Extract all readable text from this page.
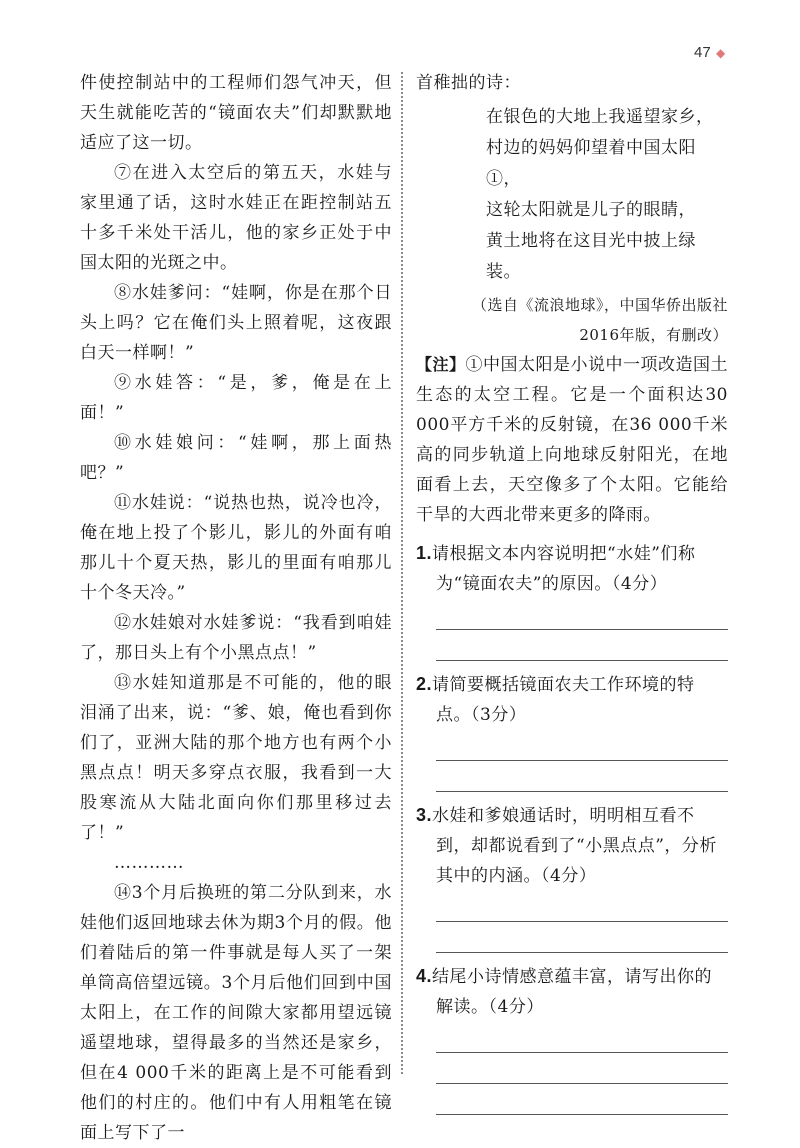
47 ◆

件使控制站中的工程师们怨气冲天，但天生就能吃苦的“镜面农夫”们却默默地适应了这一切。

⑦在进入太空后的第五天，水娃与家里通了话，这时水娃正在距控制站五十多千米处干活儿，他的家乡正处于中国太阳的光斑之中。

⑧水娃爹问：“娃啊，你是在那个日头上吗？它在俺们头上照着呢，这夜跟白天一样啊！”

⑨水娃答：“是，爹，俺是在上面！”

⑩水娃娘问：“娃啊，那上面热吧？”

⑪水娃说：“说热也热，说冷也冷，俺在地上投了个影儿，影儿的外面有咱那儿十个夏天热，影儿的里面有咱那儿十个冬天冷。”

⑫水娃娘对水娃爹说：“我看到咱娃了，那日头上有个小黑点点！”

⑬水娃知道那是不可能的，他的眼泪涌了出来，说：“爹、娘，俺也看到你们了，亚洲大陆的那个地方也有两个小黑点点！明天多穿点衣服，我看到一大股寒流从大陆北面向你们那里移过去了！”

…………

⑭3个月后换班的第二分队到来，水娃他们返回地球去休为期3个月的假。他们着陆后的第一件事就是每人买了一架单筒高倍望远镜。3个月后他们回到中国太阳上，在工作的间隙大家都用望远镜遥望地球，望得最多的当然还是家乡，但在4 000千米的距离上是不可能看到他们的村庄的。他们中有人用粗笔在镜面上写下了一

首稚拙的诗：

在银色的大地上我遥望家乡，

村边的妈妈仰望着中国太阳①，

这轮太阳就是儿子的眼睛，

黄土地将在这目光中披上绿装。

（选自《流浪地球》，中国华侨出版社
2016年版，有删改）

【注】①中国太阳是小说中一项改造国土生态的太空工程。它是一个面积达30 000平方千米的反射镜，在36 000千米高的同步轨道上向地球反射阳光，在地面看上去，天空像多了个太阳。它能给干旱的大西北带来更多的降雨。

1.请根据文本内容说明把“水娃”们称为“镜面农夫”的原因。（4分）

2.请简要概括镜面农夫工作环境的特点。（3分）

3.水娃和爹娘通话时，明明相互看不到，却都说看到了“小黑点点”，分析其中的内涵。（4分）

4.结尾小诗情感意蕴丰富，请写出你的解读。（4分）
